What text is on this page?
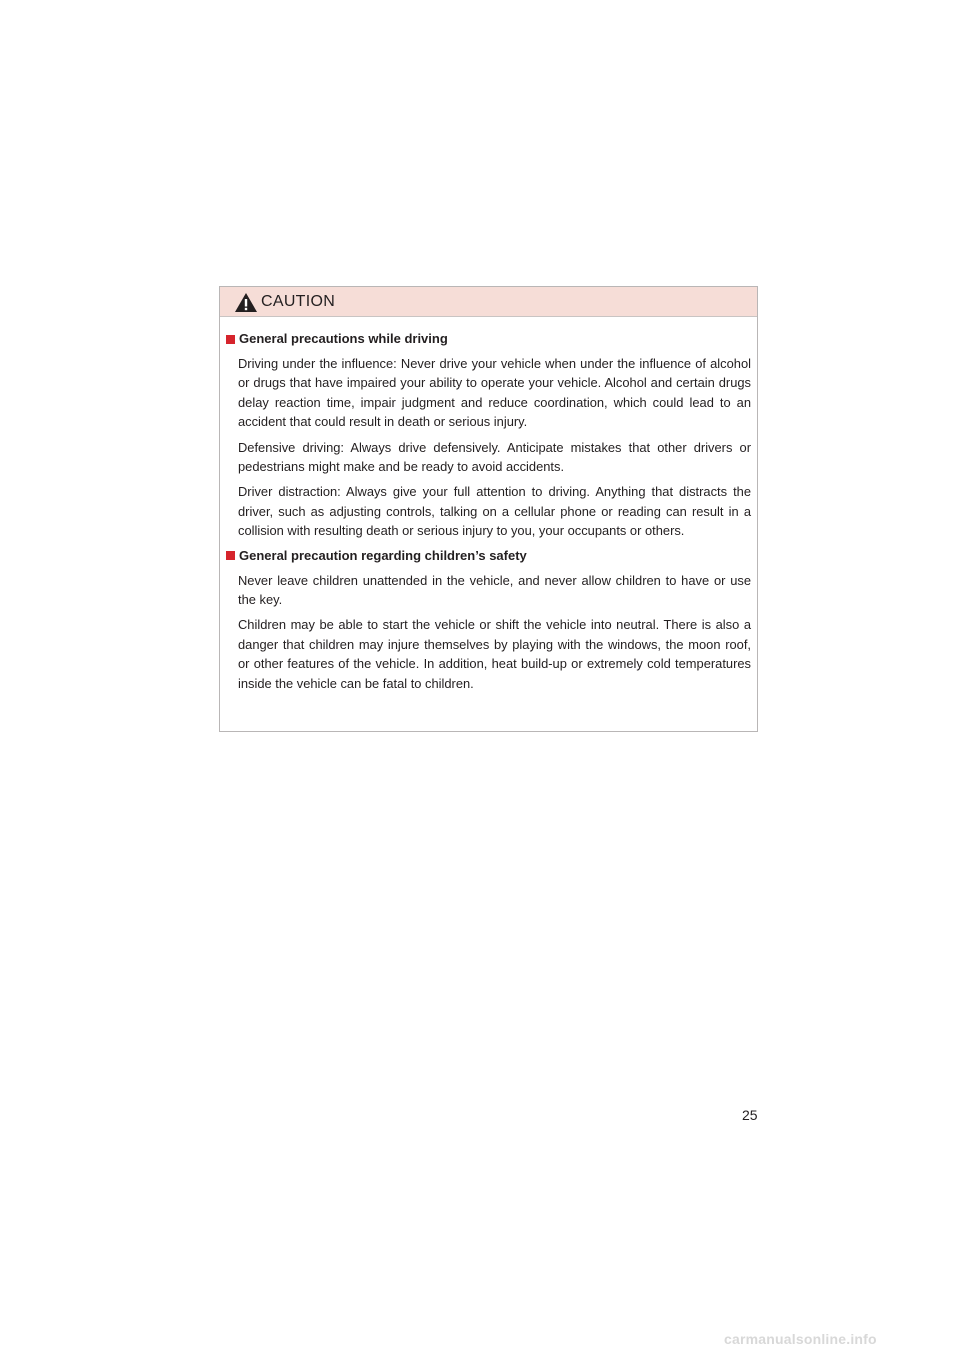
CAUTION
General precautions while driving

Driving under the influence: Never drive your vehicle when under the influence of alcohol or drugs that have impaired your ability to operate your vehicle. Alcohol and certain drugs delay reaction time, impair judgment and reduce coordination, which could lead to an accident that could result in death or serious injury.

Defensive driving: Always drive defensively. Anticipate mistakes that other drivers or pedestrians might make and be ready to avoid accidents.

Driver distraction: Always give your full attention to driving. Anything that distracts the driver, such as adjusting controls, talking on a cellular phone or reading can result in a collision with resulting death or serious injury to you, your occupants or others.

General precaution regarding children’s safety

Never leave children unattended in the vehicle, and never allow children to have or use the key.

Children may be able to start the vehicle or shift the vehicle into neutral. There is also a danger that children may injure themselves by playing with the windows, the moon roof, or other features of the vehicle. In addition, heat build-up or extremely cold temperatures inside the vehicle can be fatal to children.

25
carmanualsonline.info
